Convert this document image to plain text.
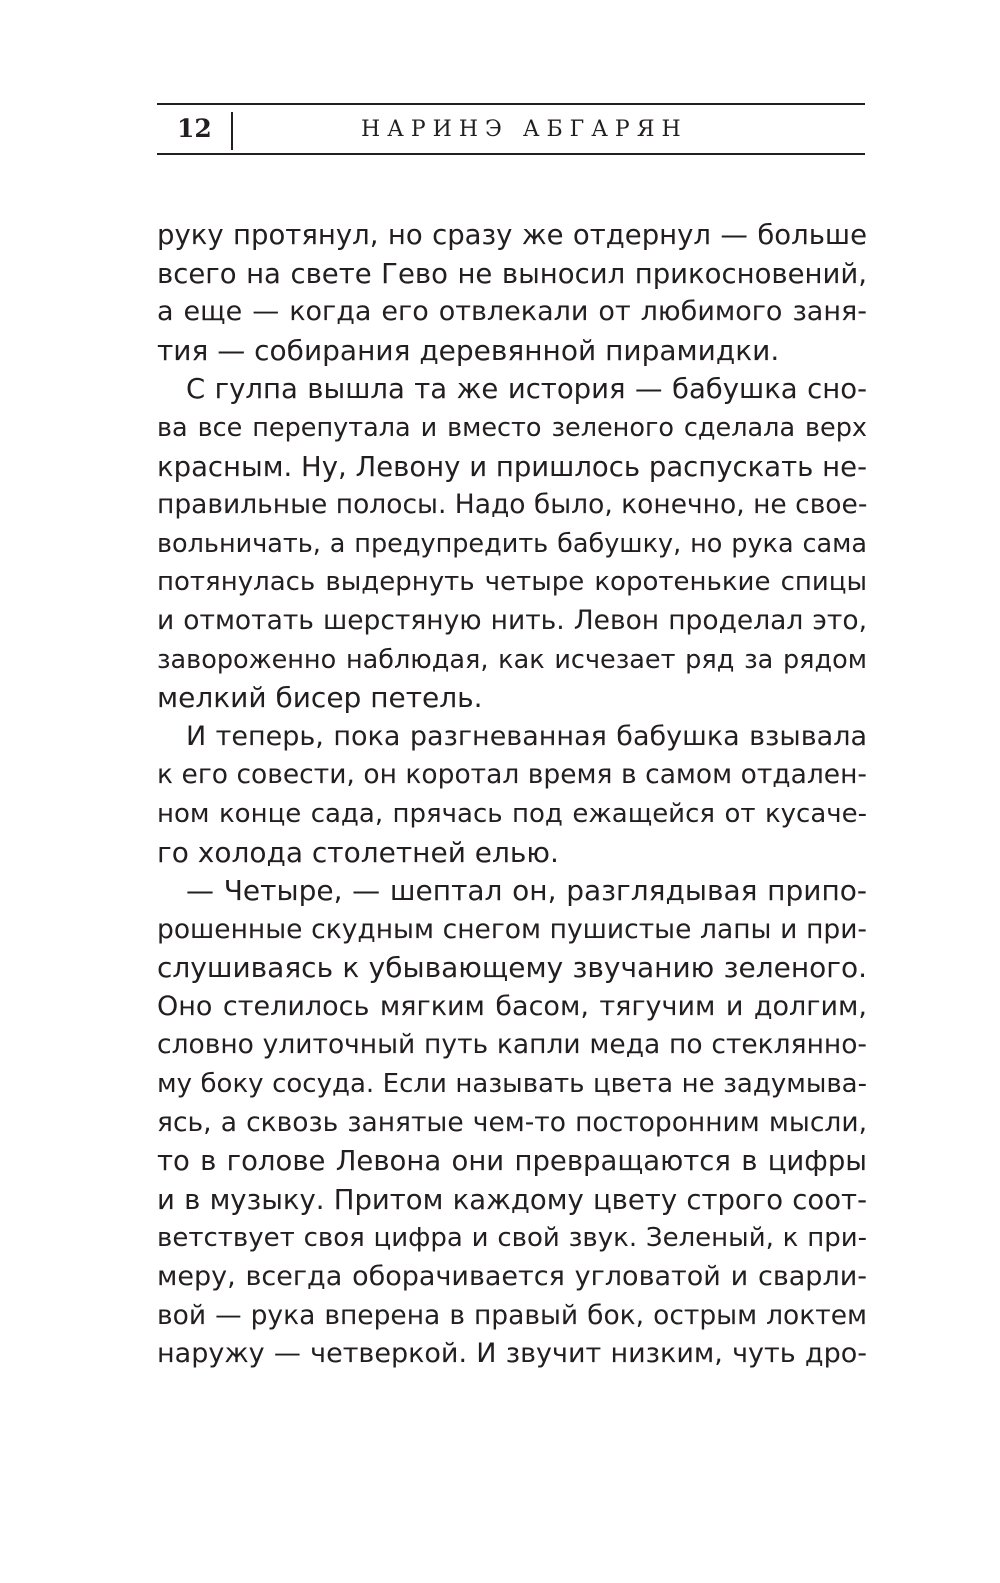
12	НАРИНЭ АБГАРЯН
руку протянул, но сразу же отдернул — больше
всего на свете Гево не выносил прикосновений,
а еще — когда его отвлекали от любимого заня-
тия — собирания деревянной пирамидки.
С гулпа вышла та же история — бабушка сно-
ва все перепутала и вместо зеленого сделала верх
красным. Ну, Левону и пришлось распускать не-
правильные полосы. Надо было, конечно, не свое-
вольничать, а предупредить бабушку, но рука сама
потянулась выдернуть четыре коротенькие спицы
и отмотать шерстяную нить. Левон проделал это,
завороженно наблюдая, как исчезает ряд за рядом
мелкий бисер петель.
И теперь, пока разгневанная бабушка взывала
к его совести, он коротал время в самом отдален-
ном конце сада, прячась под ежащейся от кусаче-
го холода столетней елью.
— Четыре, — шептал он, разглядывая припо-
рошенные скудным снегом пушистые лапы и при-
слушиваясь к убывающему звучанию зеленого.
Оно стелилось мягким басом, тягучим и долгим,
словно улиточный путь капли меда по стеклянно-
му боку сосуда. Если называть цвета не задумыва-
ясь, а сквозь занятые чем-то посторонним мысли,
то в голове Левона они превращаются в цифры
и в музыку. Притом каждому цвету строго соот-
ветствует своя цифра и свой звук. Зеленый, к при-
меру, всегда оборачивается угловатой и сварли-
вой — рука вперена в правый бок, острым локтем
наружу — четверкой. И звучит низким, чуть дро-
